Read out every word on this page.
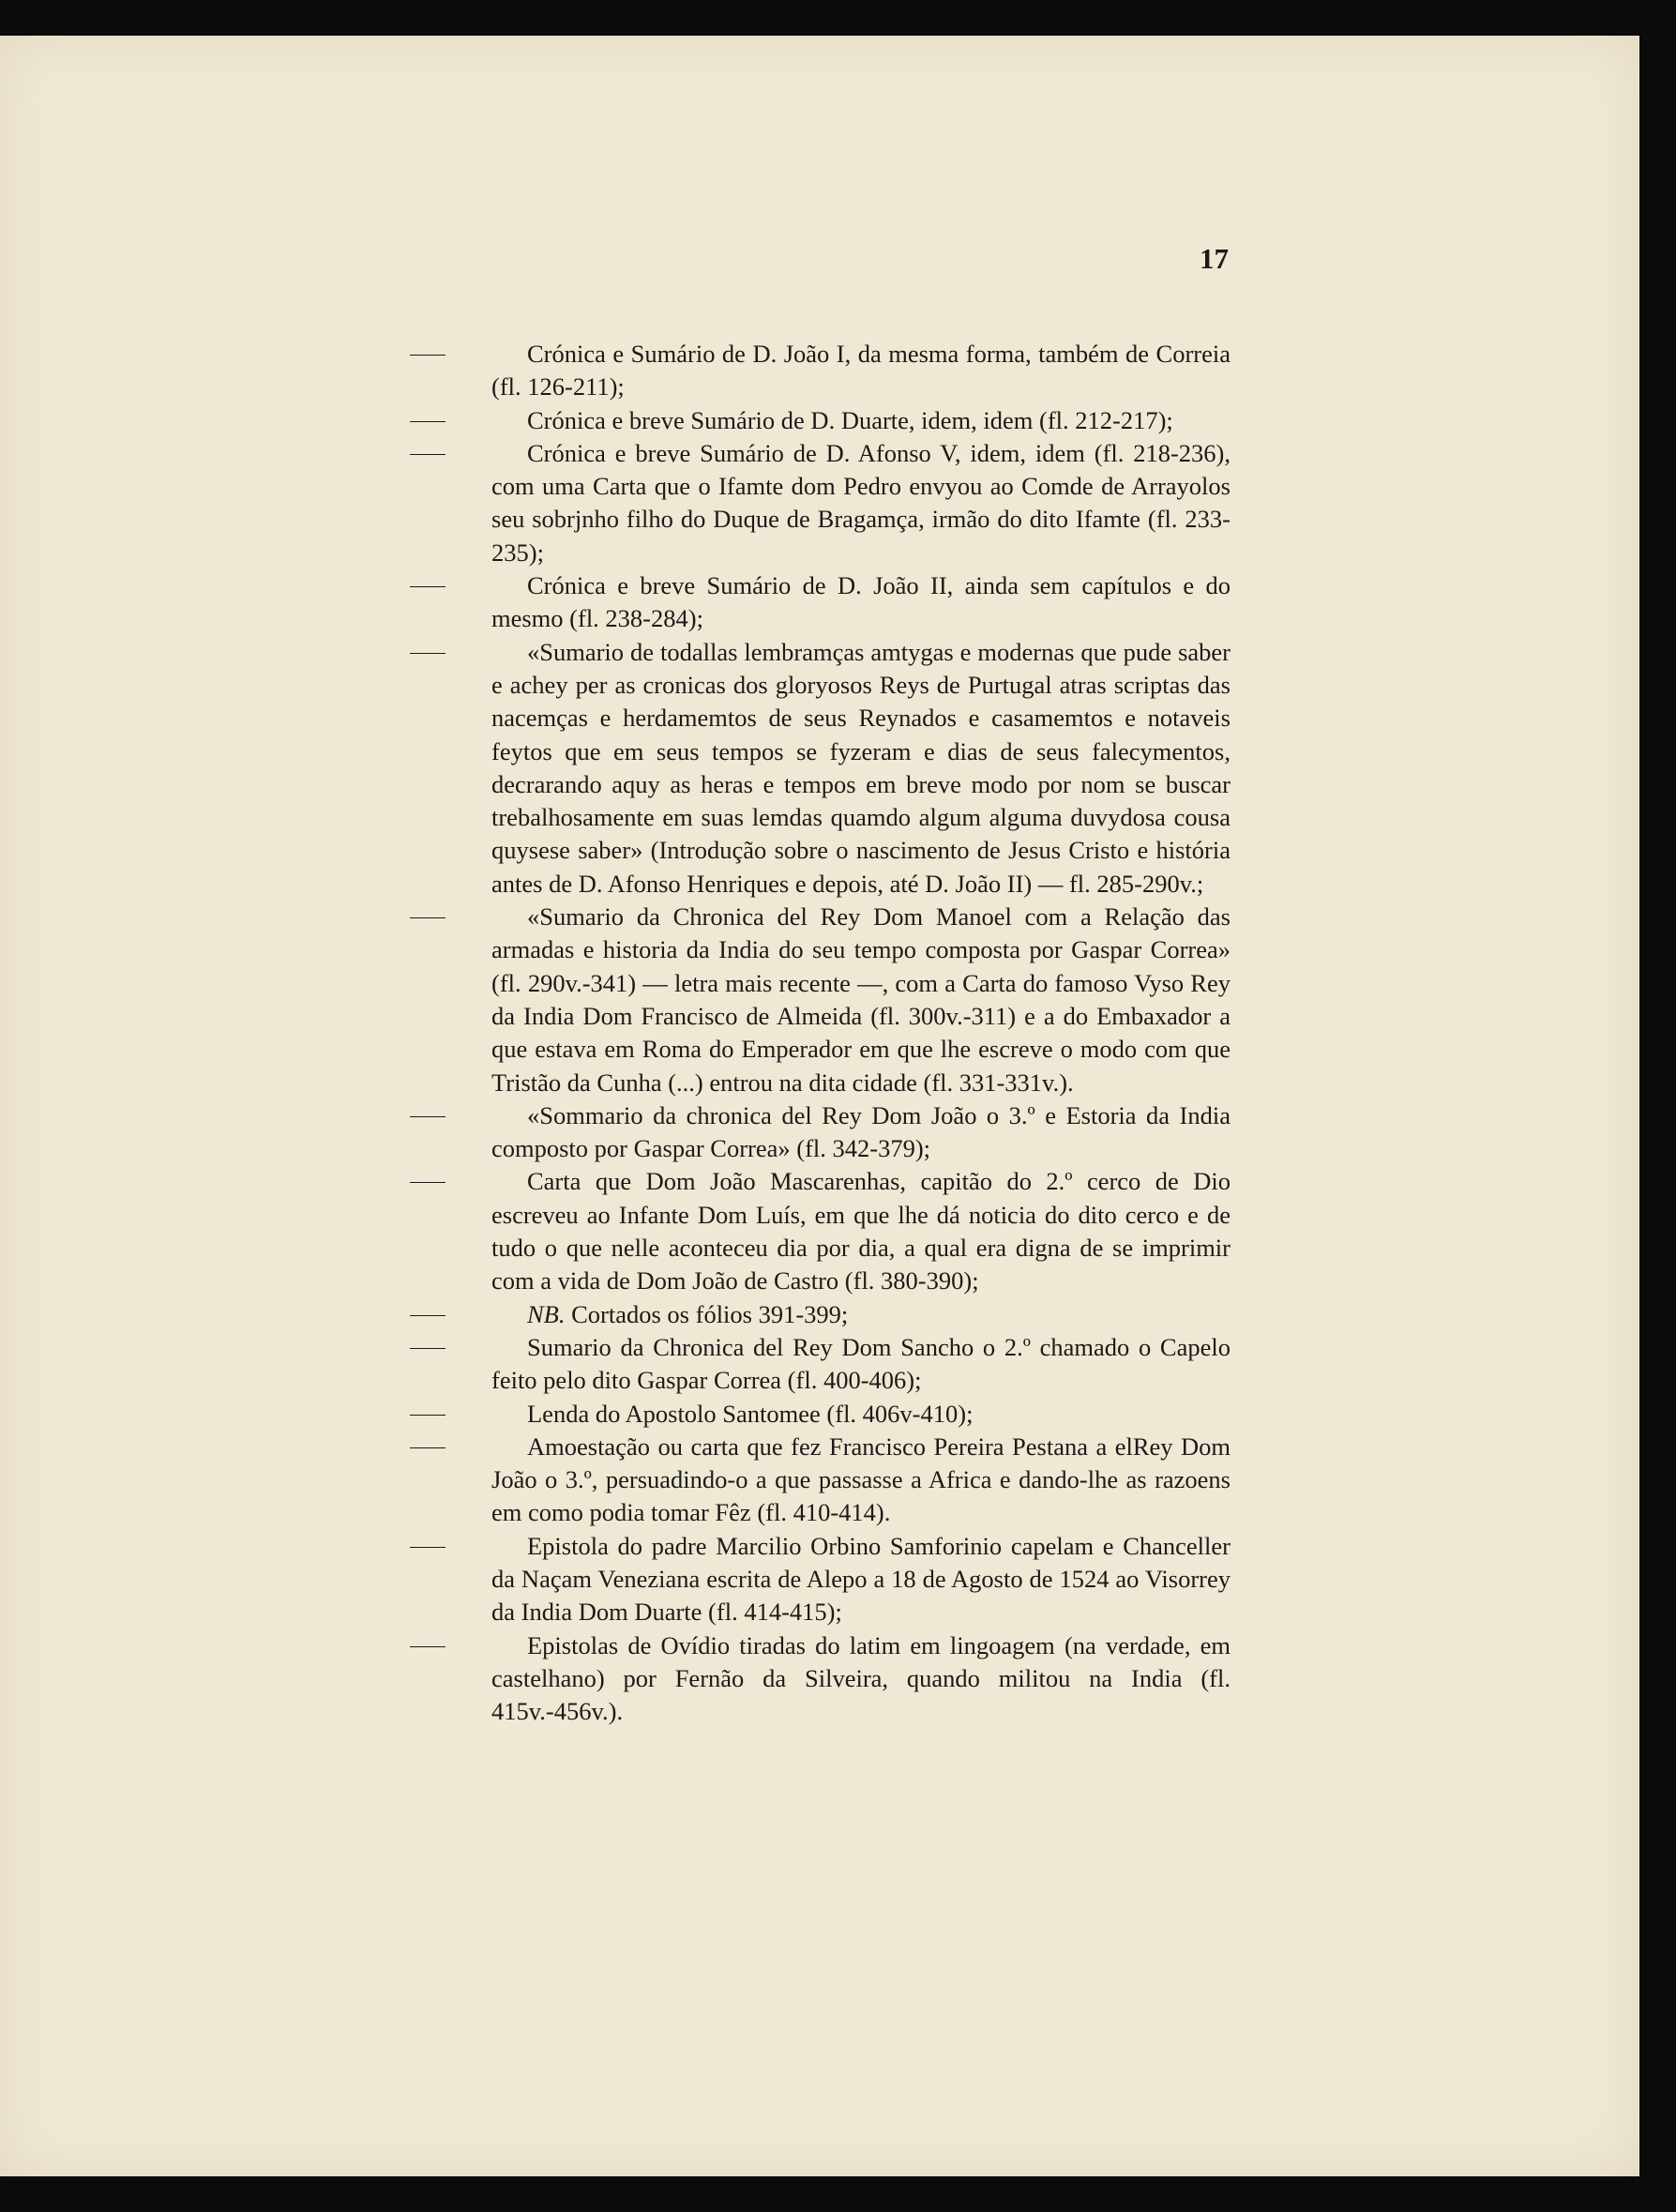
17
Crónica e Sumário de D. João I, da mesma forma, também de Correia (fl. 126-211);
Crónica e breve Sumário de D. Duarte, idem, idem (fl. 212-217);
Crónica e breve Sumário de D. Afonso V, idem, idem (fl. 218-236), com uma Carta que o Ifamte dom Pedro envyou ao Comde de Arrayolos seu sobrjnho filho do Duque de Bragamça, irmão do dito Ifamte (fl. 233-235);
Crónica e breve Sumário de D. João II, ainda sem capítulos e do mesmo (fl. 238-284);
«Sumario de todallas lembramças amtygas e modernas que pude saber e achey per as cronicas dos gloryosos Reys de Purtugal atras scriptas das nacemças e herdamemtos de seus Reynados e casamemtos e notaveis feytos que em seus tempos se fyzeram e dias de seus falecymentos, decrarando aquy as heras e tempos em breve modo por nom se buscar trebalhosamente em suas lemdas quamdo algum alguma duvydosa cousa quysese saber» (Introdução sobre o nascimento de Jesus Cristo e história antes de D. Afonso Henriques e depois, até D. João II) — fl. 285-290v.;
«Sumario da Chronica del Rey Dom Manoel com a Relação das armadas e historia da India do seu tempo composta por Gaspar Correa» (fl. 290v.-341) — letra mais recente —, com a Carta do famoso Vyso Rey da India Dom Francisco de Almeida (fl. 300v.-311) e a do Embaxador a que estava em Roma do Emperador em que lhe escreve o modo com que Tristão da Cunha (...) entrou na dita cidade (fl. 331-331v.).
«Sommario da chronica del Rey Dom João o 3.º e Estoria da India composto por Gaspar Correa» (fl. 342-379);
Carta que Dom João Mascarenhas, capitão do 2.º cerco de Dio escreveu ao Infante Dom Luís, em que lhe dá noticia do dito cerco e de tudo o que nelle aconteceu dia por dia, a qual era digna de se imprimir com a vida de Dom João de Castro (fl. 380-390);
NB. Cortados os fólios 391-399;
Sumario da Chronica del Rey Dom Sancho o 2.º chamado o Capelo feito pelo dito Gaspar Correa (fl. 400-406);
Lenda do Apostolo Santomee (fl. 406v-410);
Amoestação ou carta que fez Francisco Pereira Pestana a elRey Dom João o 3.º, persuadindo-o a que passasse a Africa e dando-lhe as razoens em como podia tomar Fêz (fl. 410-414).
Epistola do padre Marcilio Orbino Samforinio capelam e Chanceller da Naçam Veneziana escrita de Alepo a 18 de Agosto de 1524 ao Visorrey da India Dom Duarte (fl. 414-415);
Epistolas de Ovídio tiradas do latim em lingoagem (na verdade, em castelhano) por Fernão da Silveira, quando militou na India (fl. 415v.-456v.).
